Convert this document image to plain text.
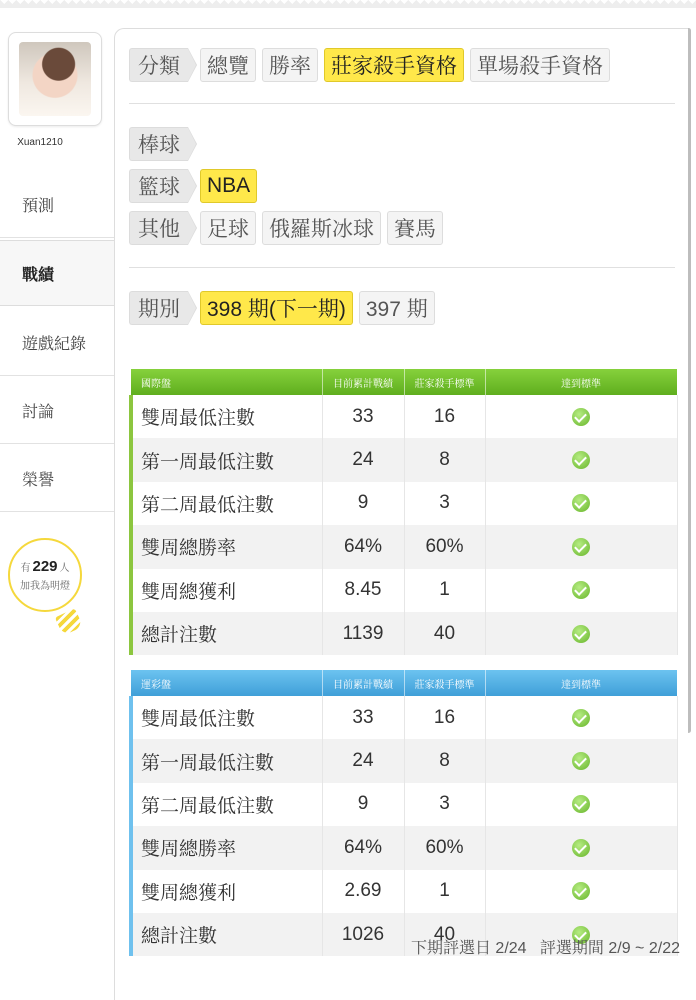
Xuan1210
預測
戰績
遊戲紀錄
討論
榮譽
有 229 人
加我為明燈
分類	總覽 勝率 莊家殺手資格 單場殺手資格
棒球
籃球	NBA
其他	足球 俄羅斯冰球 賽馬
期別	398 期(下一期) 397 期
國際盤	目前累計戰績	莊家殺手標準	達到標準
雙周最低注數	33	16	
第一周最低注數	24	8	
第二周最低注數	9	3	
雙周總勝率	64%	60%	
雙周總獲利	8.45	1	
總計注數	1139	40	
運彩盤	目前累計戰績	莊家殺手標準	達到標準
雙周最低注數	33	16	
第一周最低注數	24	8	
第二周最低注數	9	3	
雙周總勝率	64%	60%	
雙周總獲利	2.69	1	
總計注數	1026	40	
下期評選日 2/24 評選期間 2/9 ~ 2/22
